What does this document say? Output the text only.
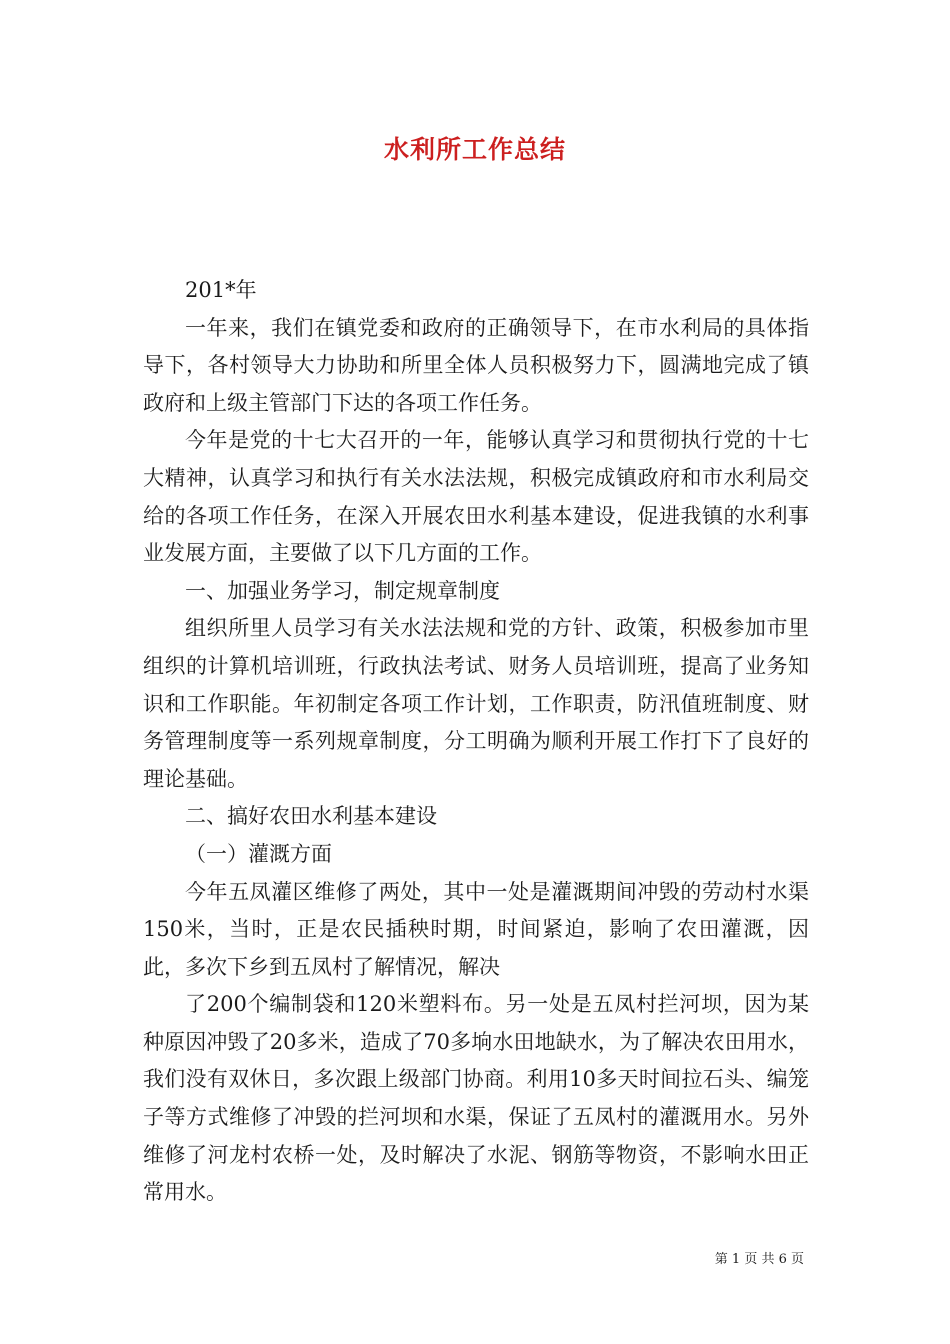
水利所工作总结

201*年

一年来，我们在镇党委和政府的正确领导下，在市水利局的具体指导下，各村领导大力协助和所里全体人员积极努力下，圆满地完成了镇政府和上级主管部门下达的各项工作任务。

今年是党的十七大召开的一年，能够认真学习和贯彻执行党的十七大精神，认真学习和执行有关水法法规，积极完成镇政府和市水利局交给的各项工作任务，在深入开展农田水利基本建设，促进我镇的水利事业发展方面，主要做了以下几方面的工作。

一、加强业务学习，制定规章制度

组织所里人员学习有关水法法规和党的方针、政策，积极参加市里组织的计算机培训班，行政执法考试、财务人员培训班，提高了业务知识和工作职能。年初制定各项工作计划，工作职责，防汛值班制度、财务管理制度等一系列规章制度，分工明确为顺利开展工作打下了良好的理论基础。

二、搞好农田水利基本建设

（一）灌溉方面

今年五凤灌区维修了两处，其中一处是灌溉期间冲毁的劳动村水渠150米，当时，正是农民插秧时期，时间紧迫，影响了农田灌溉，因此，多次下乡到五凤村了解情况，解决

了200个编制袋和120米塑料布。另一处是五凤村拦河坝，因为某种原因冲毁了20多米，造成了70多垧水田地缺水，为了解决农田用水，我们没有双休日，多次跟上级部门协商。利用10多天时间拉石头、编笼子等方式维修了冲毁的拦河坝和水渠，保证了五凤村的灌溉用水。另外维修了河龙村农桥一处，及时解决了水泥、钢筋等物资，不影响水田正常用水。

第 1 页 共 6 页
